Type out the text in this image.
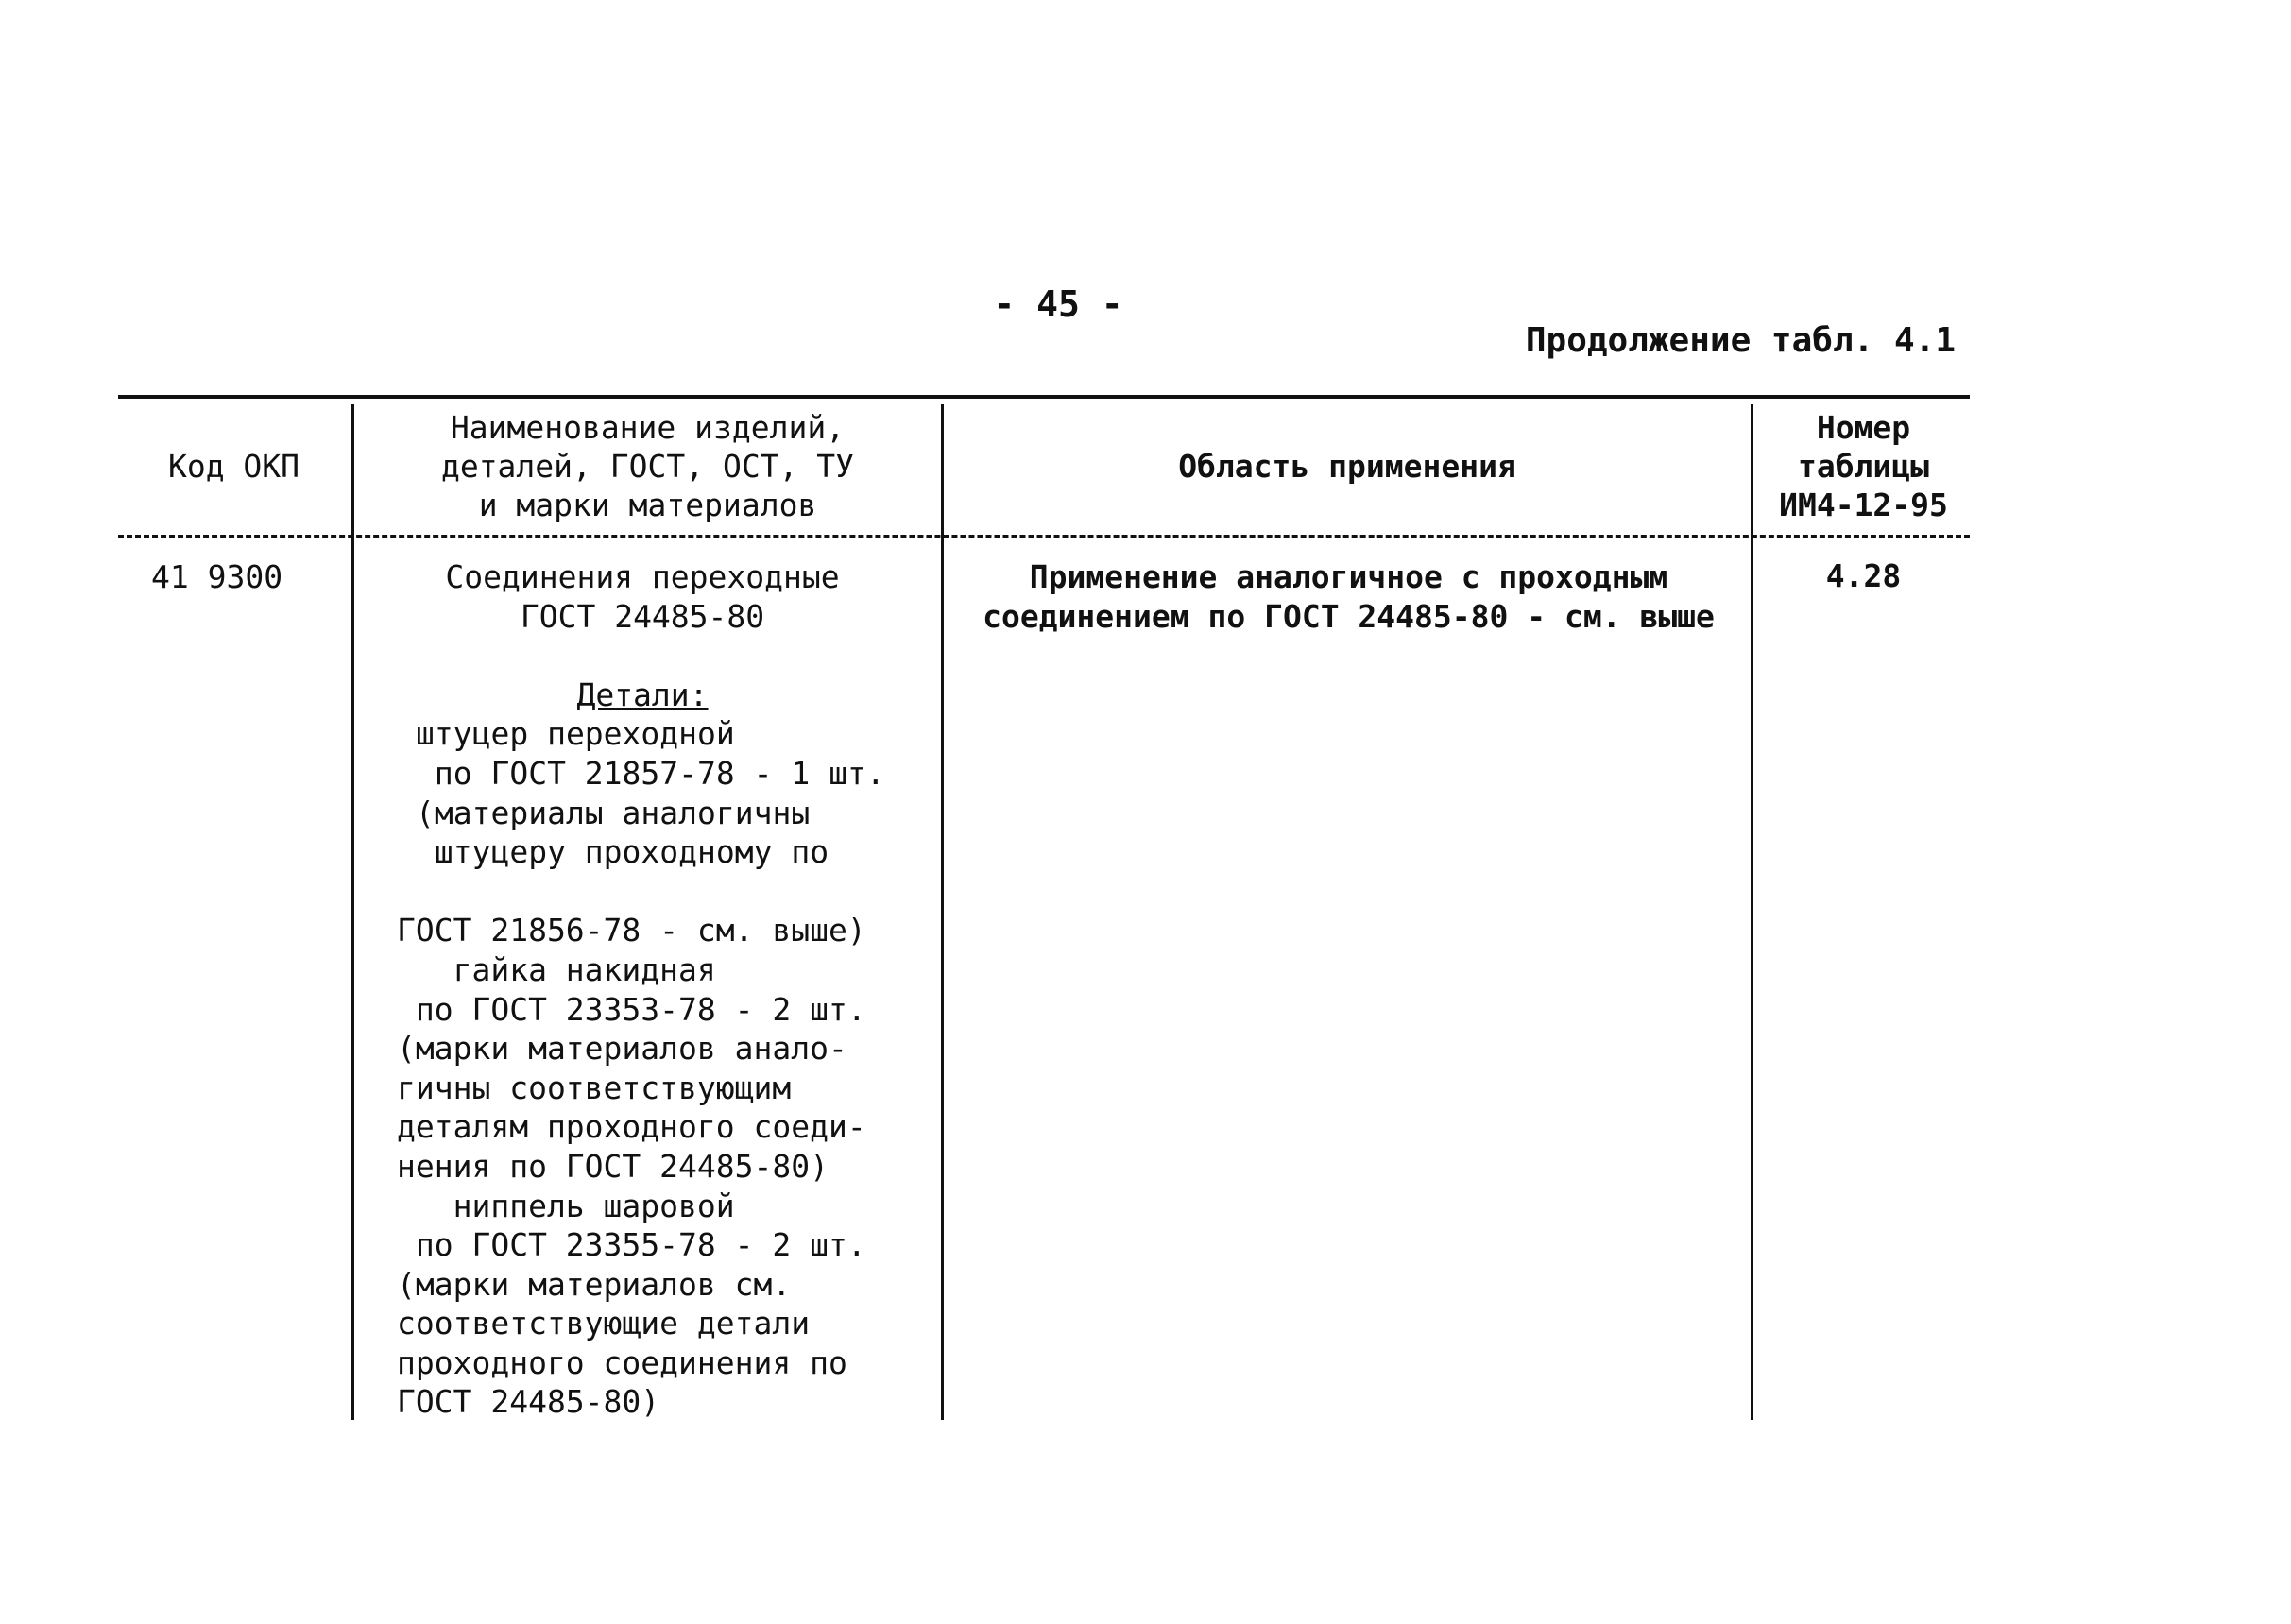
- 45 -
Продолжение табл. 4.1
Код ОКП
Наименование изделий,
деталей, ГОСТ, ОСТ, ТУ
и марки материалов
Область применения
Номер
таблицы
ИМ4-12-95
41 9300	Соединения переходные
ГОСТ 24485-80
Детали:
штуцер переходной
по ГОСТ 21857-78 - 1 шт.
(материалы аналогичны
штуцеру проходному по
ГОСТ 21856-78 - см. выше)
гайка накидная
по ГОСТ 23353-78 - 2 шт.
(марки материалов анало-
гичны соответствующим
деталям проходного соеди-
нения по ГОСТ 24485-80)
ниппель шаровой
по ГОСТ 23355-78 - 2 шт.
(марки материалов см.
соответствующие детали
проходного соединения по
ГОСТ 24485-80)
Применение аналогичное с проходным
соединением по ГОСТ 24485-80 - см. выше
4.28
